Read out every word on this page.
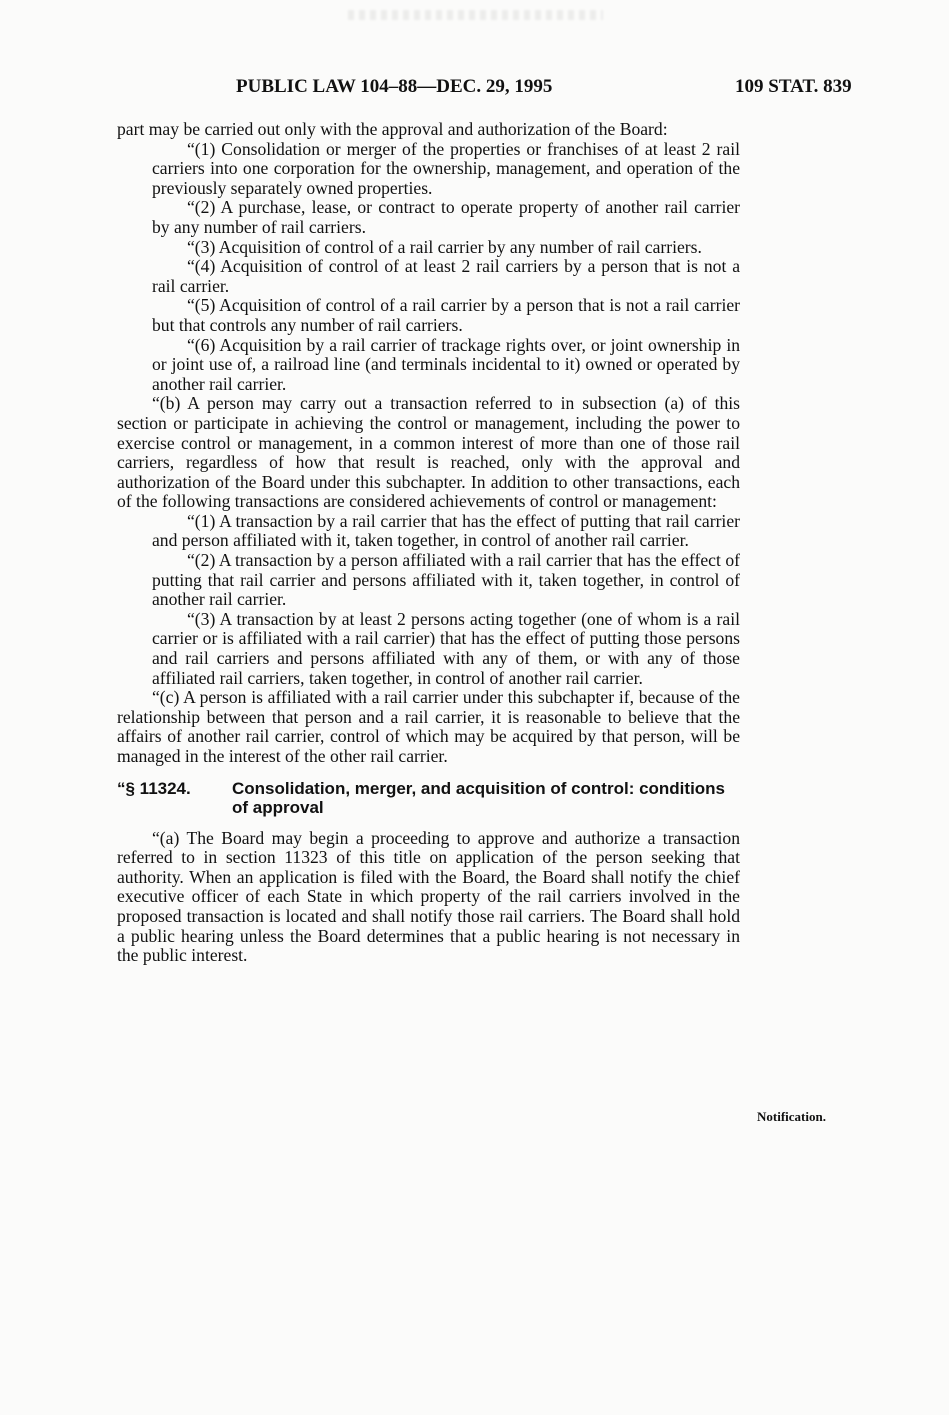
PUBLIC LAW 104–88—DEC. 29, 1995	109 STAT. 839

part may be carried out only with the approval and authorization of the Board:

“(1) Consolidation or merger of the properties or franchises of at least 2 rail carriers into one corporation for the ownership, management, and operation of the previously separately owned properties.

“(2) A purchase, lease, or contract to operate property of another rail carrier by any number of rail carriers.

“(3) Acquisition of control of a rail carrier by any number of rail carriers.

“(4) Acquisition of control of at least 2 rail carriers by a person that is not a rail carrier.

“(5) Acquisition of control of a rail carrier by a person that is not a rail carrier but that controls any number of rail carriers.

“(6) Acquisition by a rail carrier of trackage rights over, or joint ownership in or joint use of, a railroad line (and terminals incidental to it) owned or operated by another rail carrier.

“(b) A person may carry out a transaction referred to in subsection (a) of this section or participate in achieving the control or management, including the power to exercise control or management, in a common interest of more than one of those rail carriers, regardless of how that result is reached, only with the approval and authorization of the Board under this subchapter. In addition to other transactions, each of the following transactions are considered achievements of control or management:

“(1) A transaction by a rail carrier that has the effect of putting that rail carrier and person affiliated with it, taken together, in control of another rail carrier.

“(2) A transaction by a person affiliated with a rail carrier that has the effect of putting that rail carrier and persons affiliated with it, taken together, in control of another rail carrier.

“(3) A transaction by at least 2 persons acting together (one of whom is a rail carrier or is affiliated with a rail carrier) that has the effect of putting those persons and rail carriers and persons affiliated with any of them, or with any of those affiliated rail carriers, taken together, in control of another rail carrier.

“(c) A person is affiliated with a rail carrier under this subchapter if, because of the relationship between that person and a rail carrier, it is reasonable to believe that the affairs of another rail carrier, control of which may be acquired by that person, will be managed in the interest of the other rail carrier.

“§ 11324. Consolidation, merger, and acquisition of control: conditions of approval

“(a) The Board may begin a proceeding to approve and authorize a transaction referred to in section 11323 of this title on application of the person seeking that authority. When an application is filed with the Board, the Board shall notify the chief executive officer of each State in which property of the rail carriers involved in the proposed transaction is located and shall notify those rail carriers. The Board shall hold a public hearing unless the Board determines that a public hearing is not necessary in the public interest.

Notification.
